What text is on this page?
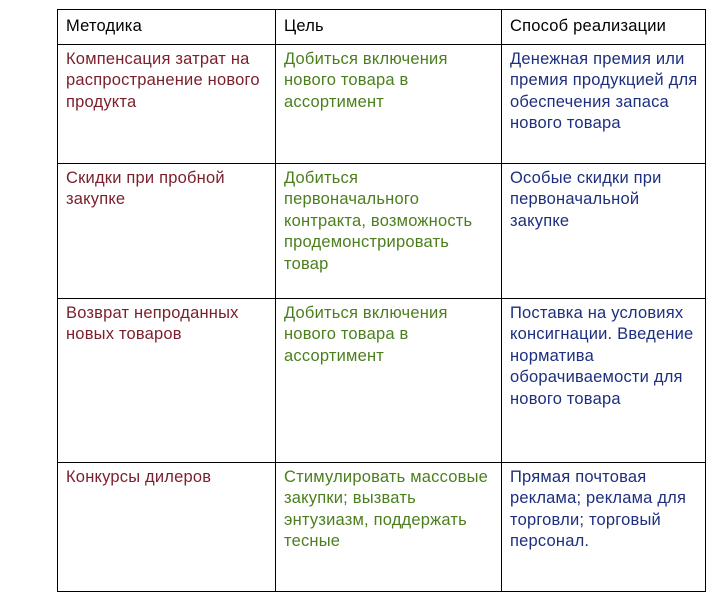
Методика	Цель	Способ реализации
Компенсация затрат на распространение нового продукта	Добиться включения нового товара в ассортимент	Денежная премия или премия продукцией для обеспечения запаса нового товара
Скидки при пробной закупке	Добиться первоначального контракта, возможность продемонстрировать товар	Особые скидки при первоначальной закупке
Возврат непроданных новых товаров	Добиться включения нового товара в ассортимент	Поставка на условиях консигнации. Введение норматива оборачиваемости для нового товара
Конкурсы дилеров	Стимулировать массовые закупки; вызвать энтузиазм, поддержать тесные	Прямая почтовая реклама; реклама для торговли; торговый персонал.
